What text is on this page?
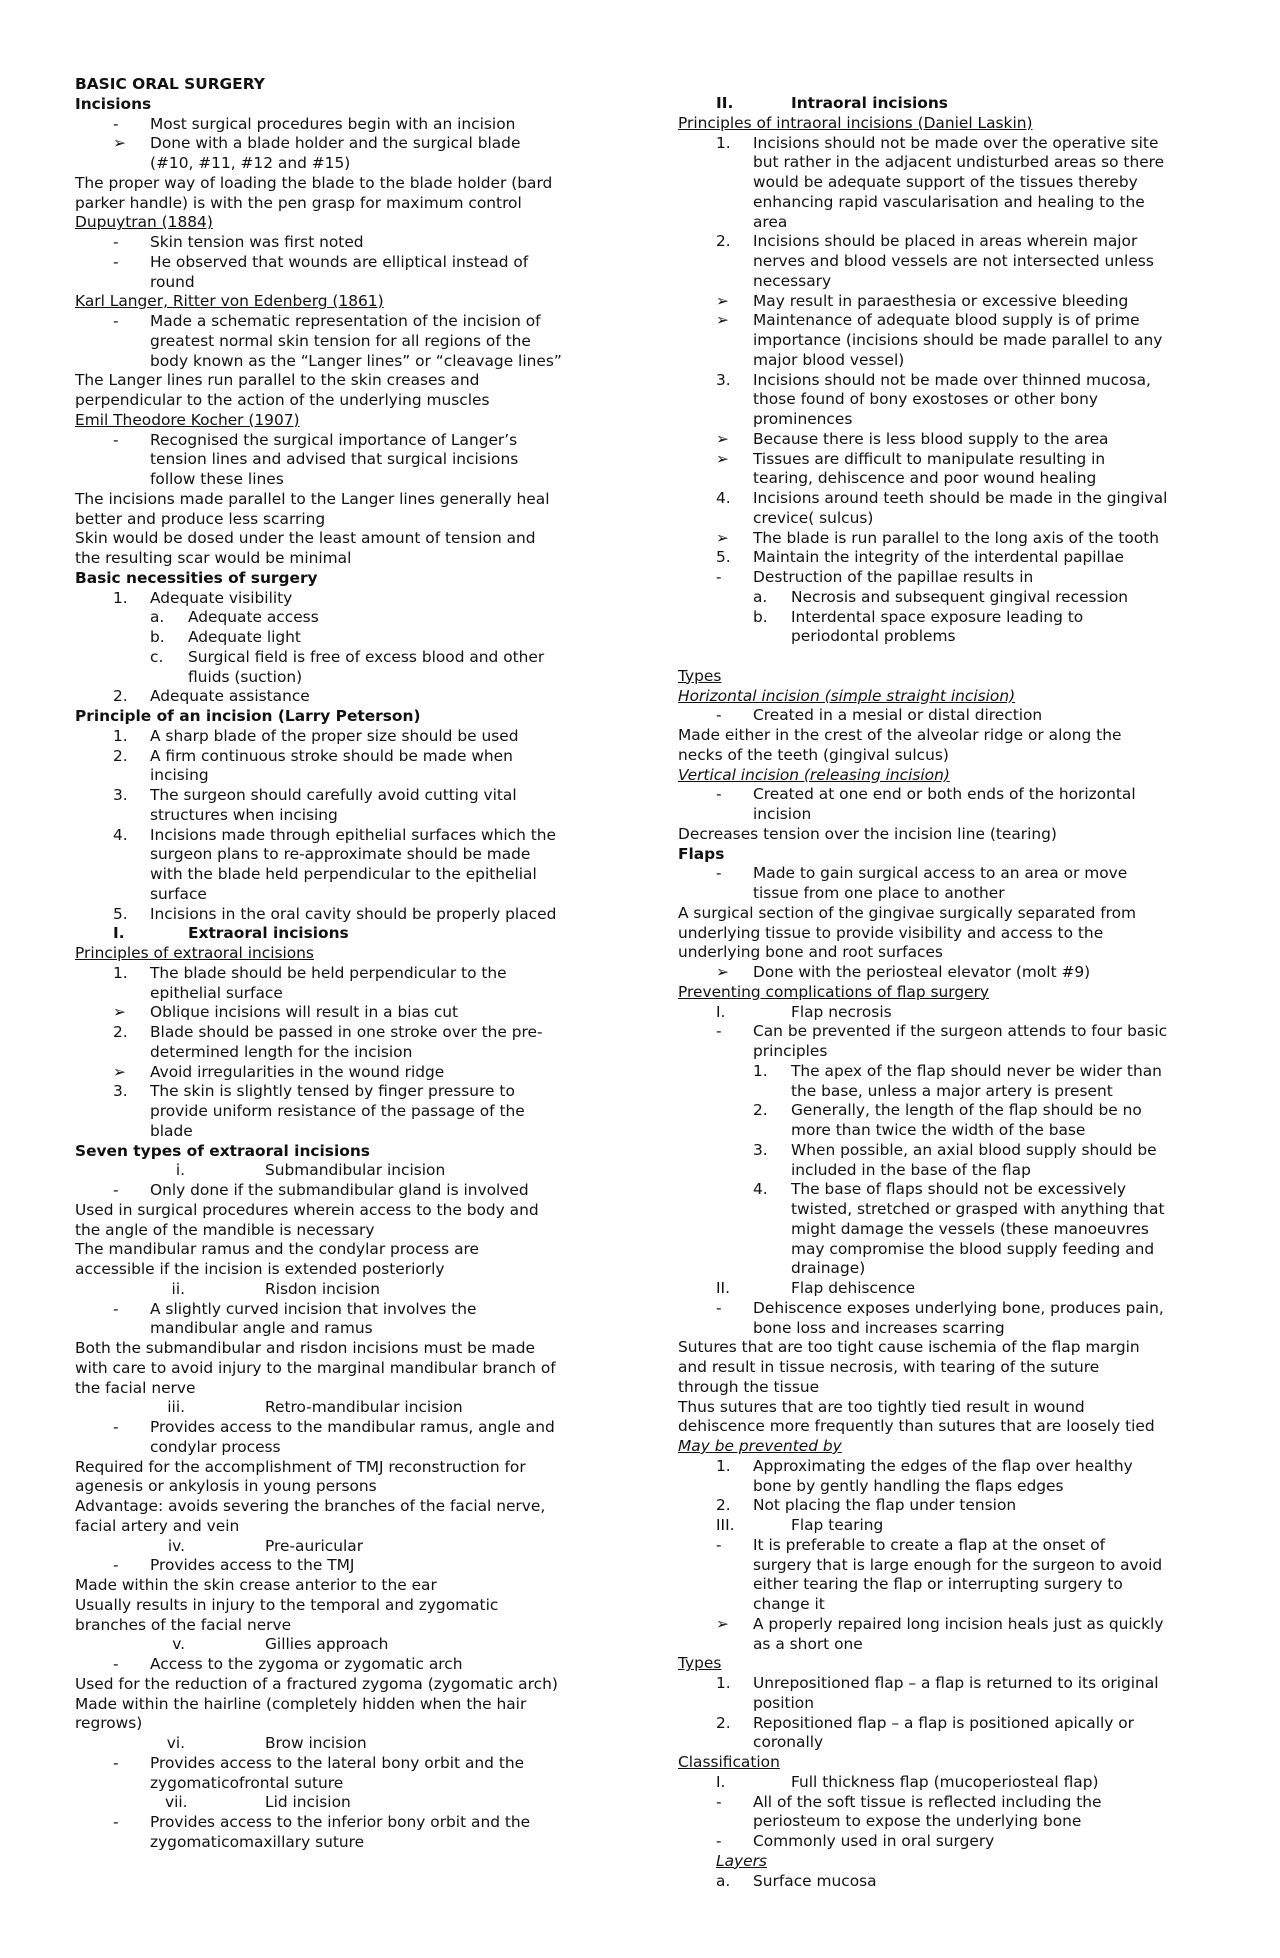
BASIC ORAL SURGERY
Incisions
- Most surgical procedures begin with an incision
➢ Done with a blade holder and the surgical blade
(#10, #11, #12 and #15)
The proper way of loading the blade to the blade holder (bard
parker handle) is with the pen grasp for maximum control
Dupuytran (1884)
- Skin tension was first noted
- He observed that wounds are elliptical instead of
round
Karl Langer, Ritter von Edenberg (1861)
- Made a schematic representation of the incision of
greatest normal skin tension for all regions of the
body known as the “Langer lines” or “cleavage lines”
The Langer lines run parallel to the skin creases and
perpendicular to the action of the underlying muscles
Emil Theodore Kocher (1907)
- Recognised the surgical importance of Langer’s
tension lines and advised that surgical incisions
follow these lines
The incisions made parallel to the Langer lines generally heal
better and produce less scarring
Skin would be dosed under the least amount of tension and
the resulting scar would be minimal
Basic necessities of surgery
1. Adequate visibility
a. Adequate access
b. Adequate light
c. Surgical field is free of excess blood and other
fluids (suction)
2. Adequate assistance
Principle of an incision (Larry Peterson)
1. A sharp blade of the proper size should be used
2. A firm continuous stroke should be made when
incising
3. The surgeon should carefully avoid cutting vital
structures when incising
4. Incisions made through epithelial surfaces which the
surgeon plans to re-approximate should be made
with the blade held perpendicular to the epithelial
surface
5. Incisions in the oral cavity should be properly placed
I.	Extraoral incisions
Principles of extraoral incisions
1. The blade should be held perpendicular to the
epithelial surface
➢ Oblique incisions will result in a bias cut
2. Blade should be passed in one stroke over the pre-
determined length for the incision
➢ Avoid irregularities in the wound ridge
3. The skin is slightly tensed by finger pressure to
provide uniform resistance of the passage of the
blade
Seven types of extraoral incisions
i.	Submandibular incision
- Only done if the submandibular gland is involved
Used in surgical procedures wherein access to the body and
the angle of the mandible is necessary
The mandibular ramus and the condylar process are
accessible if the incision is extended posteriorly
ii.	Risdon incision
- A slightly curved incision that involves the
mandibular angle and ramus
Both the submandibular and risdon incisions must be made
with care to avoid injury to the marginal mandibular branch of
the facial nerve
iii.	Retro-mandibular incision
- Provides access to the mandibular ramus, angle and
condylar process
Required for the accomplishment of TMJ reconstruction for
agenesis or ankylosis in young persons
Advantage: avoids severing the branches of the facial nerve,
facial artery and vein
iv.	Pre-auricular
- Provides access to the TMJ
Made within the skin crease anterior to the ear
Usually results in injury to the temporal and zygomatic
branches of the facial nerve
v.	Gillies approach
- Access to the zygoma or zygomatic arch
Used for the reduction of a fractured zygoma (zygomatic arch)
Made within the hairline (completely hidden when the hair
regrows)
vi.	Brow incision
- Provides access to the lateral bony orbit and the
zygomaticofrontal suture
vii.	Lid incision
- Provides access to the inferior bony orbit and the
zygomaticomaxillary suture
II.	Intraoral incisions
Principles of intraoral incisions (Daniel Laskin)
1. Incisions should not be made over the operative site
but rather in the adjacent undisturbed areas so there
would be adequate support of the tissues thereby
enhancing rapid vascularisation and healing to the
area
2. Incisions should be placed in areas wherein major
nerves and blood vessels are not intersected unless
necessary
➢ May result in paraesthesia or excessive bleeding
➢ Maintenance of adequate blood supply is of prime
importance (incisions should be made parallel to any
major blood vessel)
3. Incisions should not be made over thinned mucosa,
those found of bony exostoses or other bony
prominences
➢ Because there is less blood supply to the area
➢ Tissues are difficult to manipulate resulting in
tearing, dehiscence and poor wound healing
4. Incisions around teeth should be made in the gingival
crevice( sulcus)
➢ The blade is run parallel to the long axis of the tooth
5. Maintain the integrity of the interdental papillae
- Destruction of the papillae results in
a. Necrosis and subsequent gingival recession
b. Interdental space exposure leading to
periodontal problems
Types
Horizontal incision (simple straight incision)
- Created in a mesial or distal direction
Made either in the crest of the alveolar ridge or along the
necks of the teeth (gingival sulcus)
Vertical incision (releasing incision)
- Created at one end or both ends of the horizontal
incision
Decreases tension over the incision line (tearing)
Flaps
- Made to gain surgical access to an area or move
tissue from one place to another
A surgical section of the gingivae surgically separated from
underlying tissue to provide visibility and access to the
underlying bone and root surfaces
➢ Done with the periosteal elevator (molt #9)
Preventing complications of flap surgery
I.	Flap necrosis
- Can be prevented if the surgeon attends to four basic
principles
1. The apex of the flap should never be wider than
the base, unless a major artery is present
2. Generally, the length of the flap should be no
more than twice the width of the base
3. When possible, an axial blood supply should be
included in the base of the flap
4. The base of flaps should not be excessively
twisted, stretched or grasped with anything that
might damage the vessels (these manoeuvres
may compromise the blood supply feeding and
drainage)
II.	Flap dehiscence
- Dehiscence exposes underlying bone, produces pain,
bone loss and increases scarring
Sutures that are too tight cause ischemia of the flap margin
and result in tissue necrosis, with tearing of the suture
through the tissue
Thus sutures that are too tightly tied result in wound
dehiscence more frequently than sutures that are loosely tied
May be prevented by
1. Approximating the edges of the flap over healthy
bone by gently handling the flaps edges
2. Not placing the flap under tension
III.	Flap tearing
- It is preferable to create a flap at the onset of
surgery that is large enough for the surgeon to avoid
either tearing the flap or interrupting surgery to
change it
➢ A properly repaired long incision heals just as quickly
as a short one
Types
1. Unrepositioned flap – a flap is returned to its original
position
2. Repositioned flap – a flap is positioned apically or
coronally
Classification
I.	Full thickness flap (mucoperiosteal flap)
- All of the soft tissue is reflected including the
periosteum to expose the underlying bone
- Commonly used in oral surgery
Layers
a. Surface mucosa
